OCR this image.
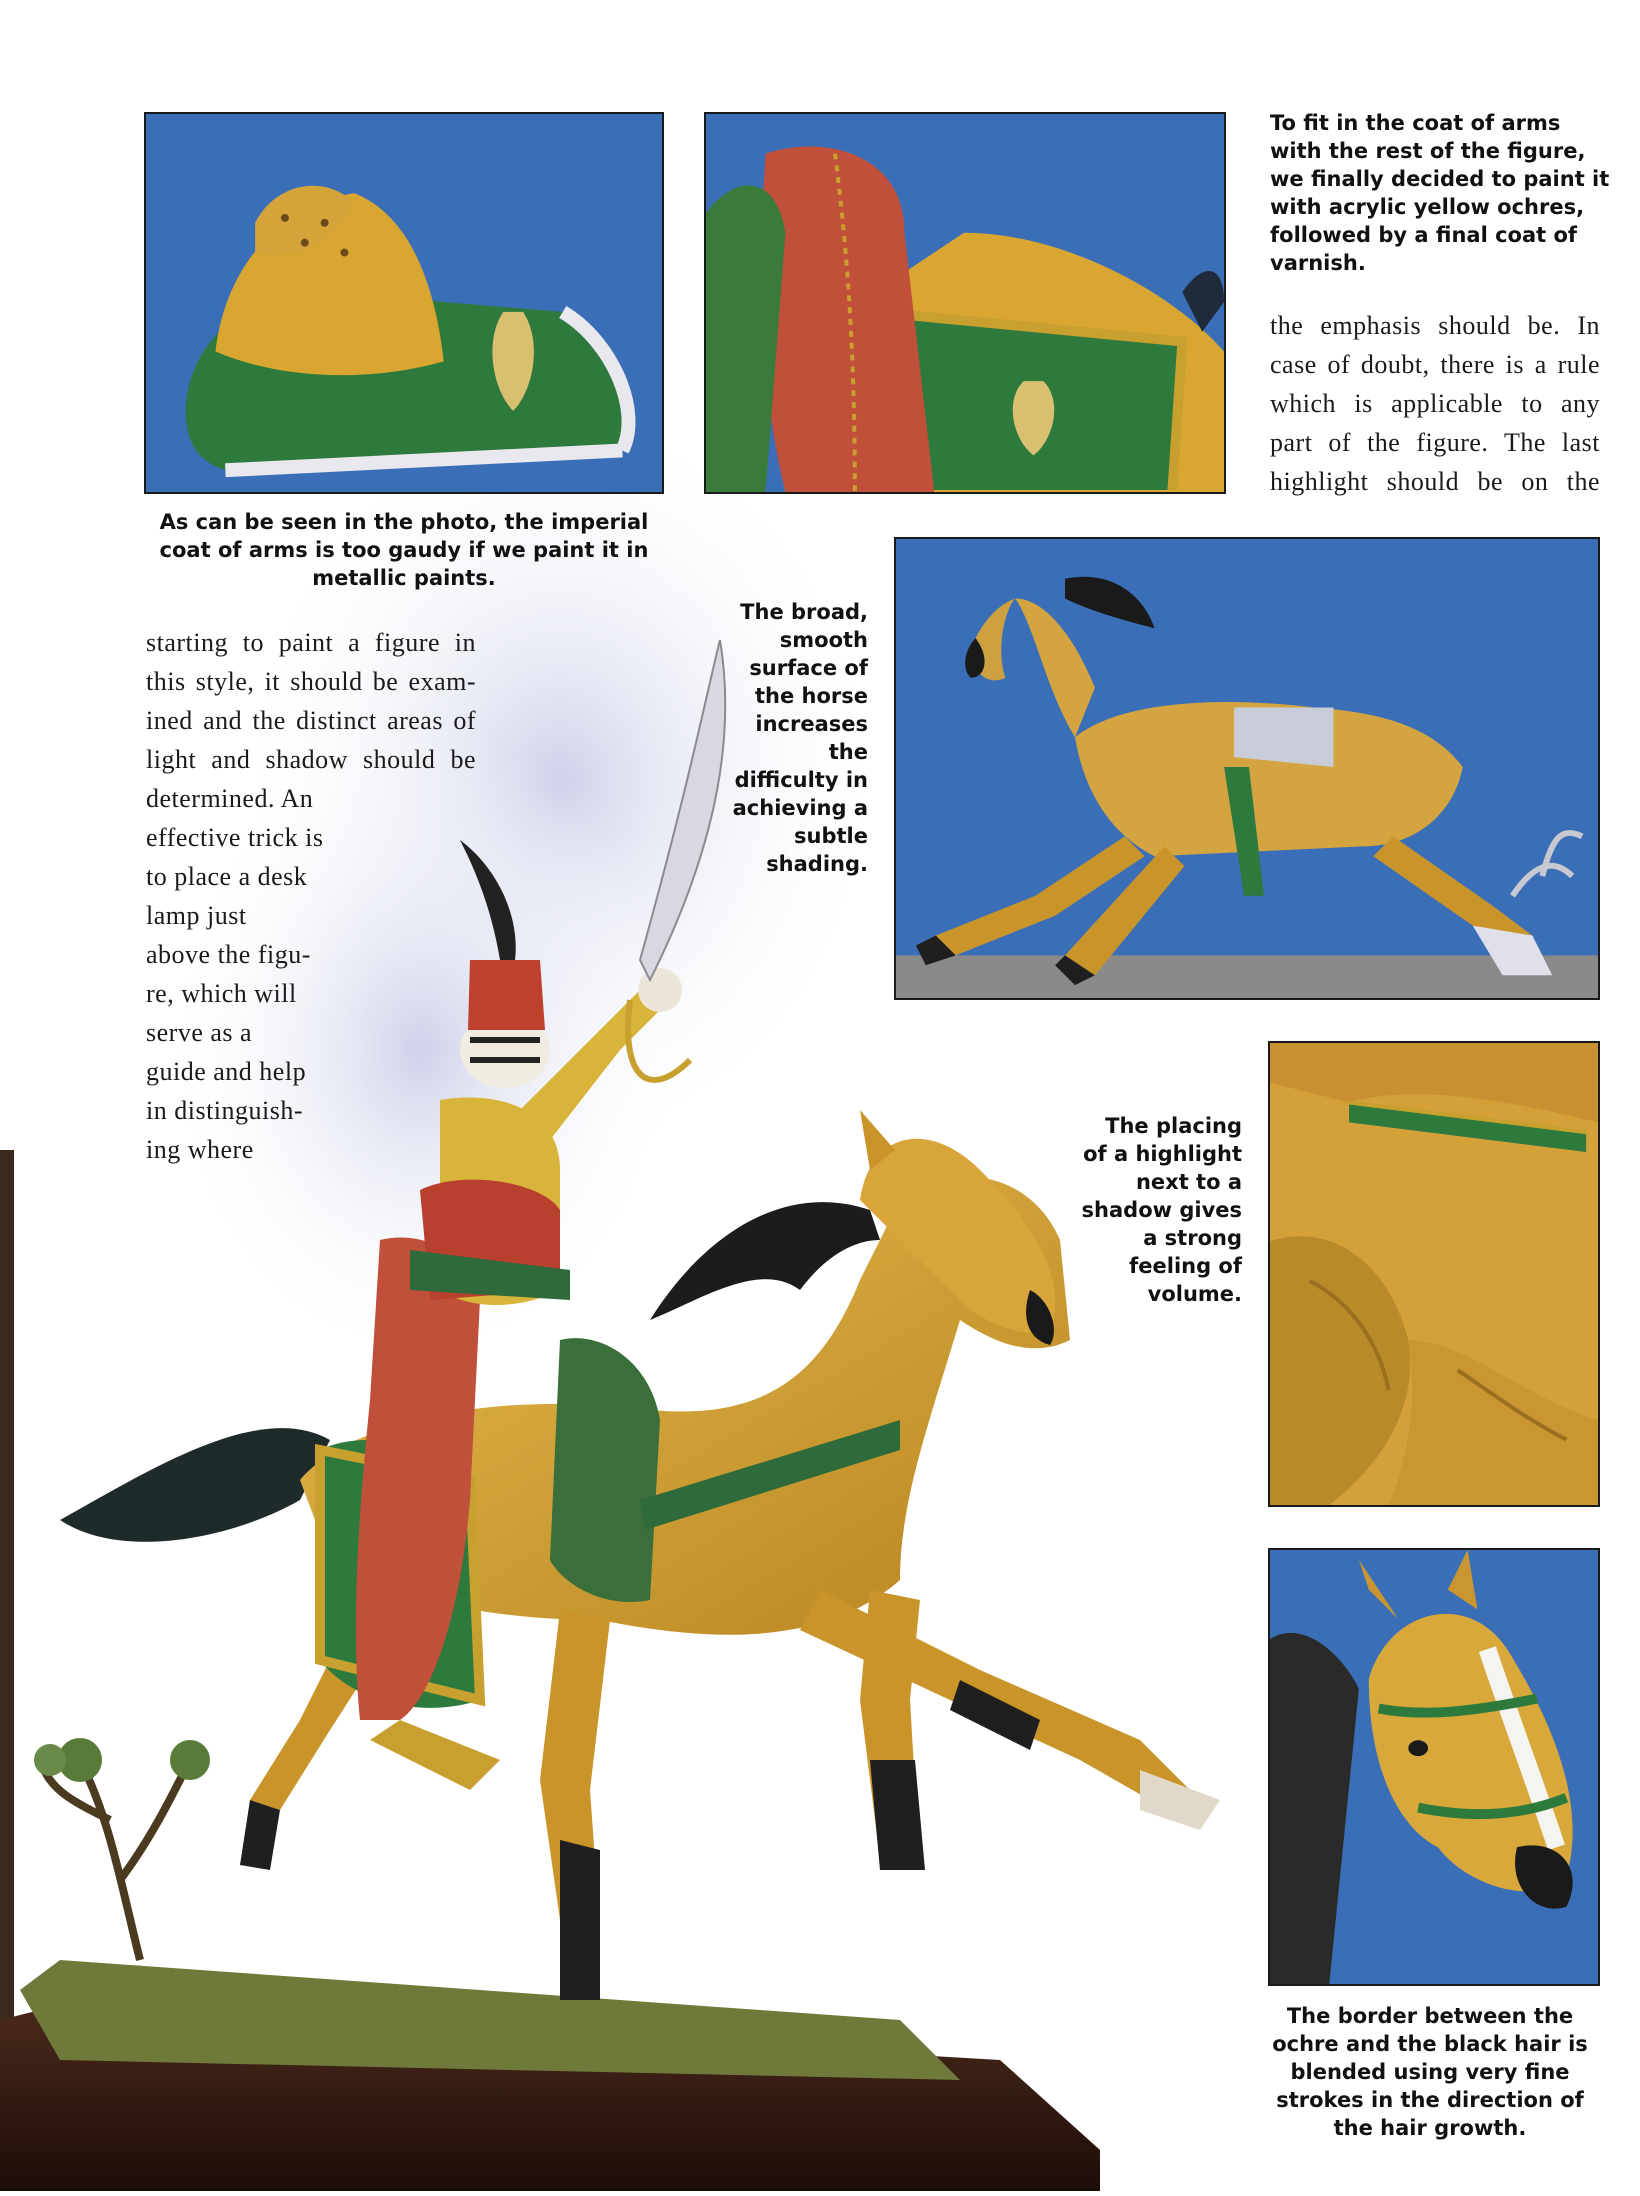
As can be seen in the photo, the imperial
coat of arms is too gaudy if we paint it in
metallic paints.
To fit in the coat of arms
with the rest of the figure,
we finally decided to paint it
with acrylic yellow ochres,
followed by a final coat of
varnish.
The broad,
smooth
surface of
the horse
increases
the
difficulty in
achieving a
subtle
shading.
The placing
of a highlight
next to a
shadow gives
a strong
feeling of
volume.
The border between the
ochre and the black hair is
blended using very fine
strokes in the direction of
the hair growth.
the emphasis should be. In
case of doubt, there is a rule
which is applicable to any
part of the figure. The last
highlight should be on the
starting to paint a figure in
this style, it should be exam-
ined and the distinct areas of
light and shadow should be
determined. An
effective trick is
to place a desk
lamp just
above the figu-
re, which will
serve as a
guide and help
in distinguish-
ing where
